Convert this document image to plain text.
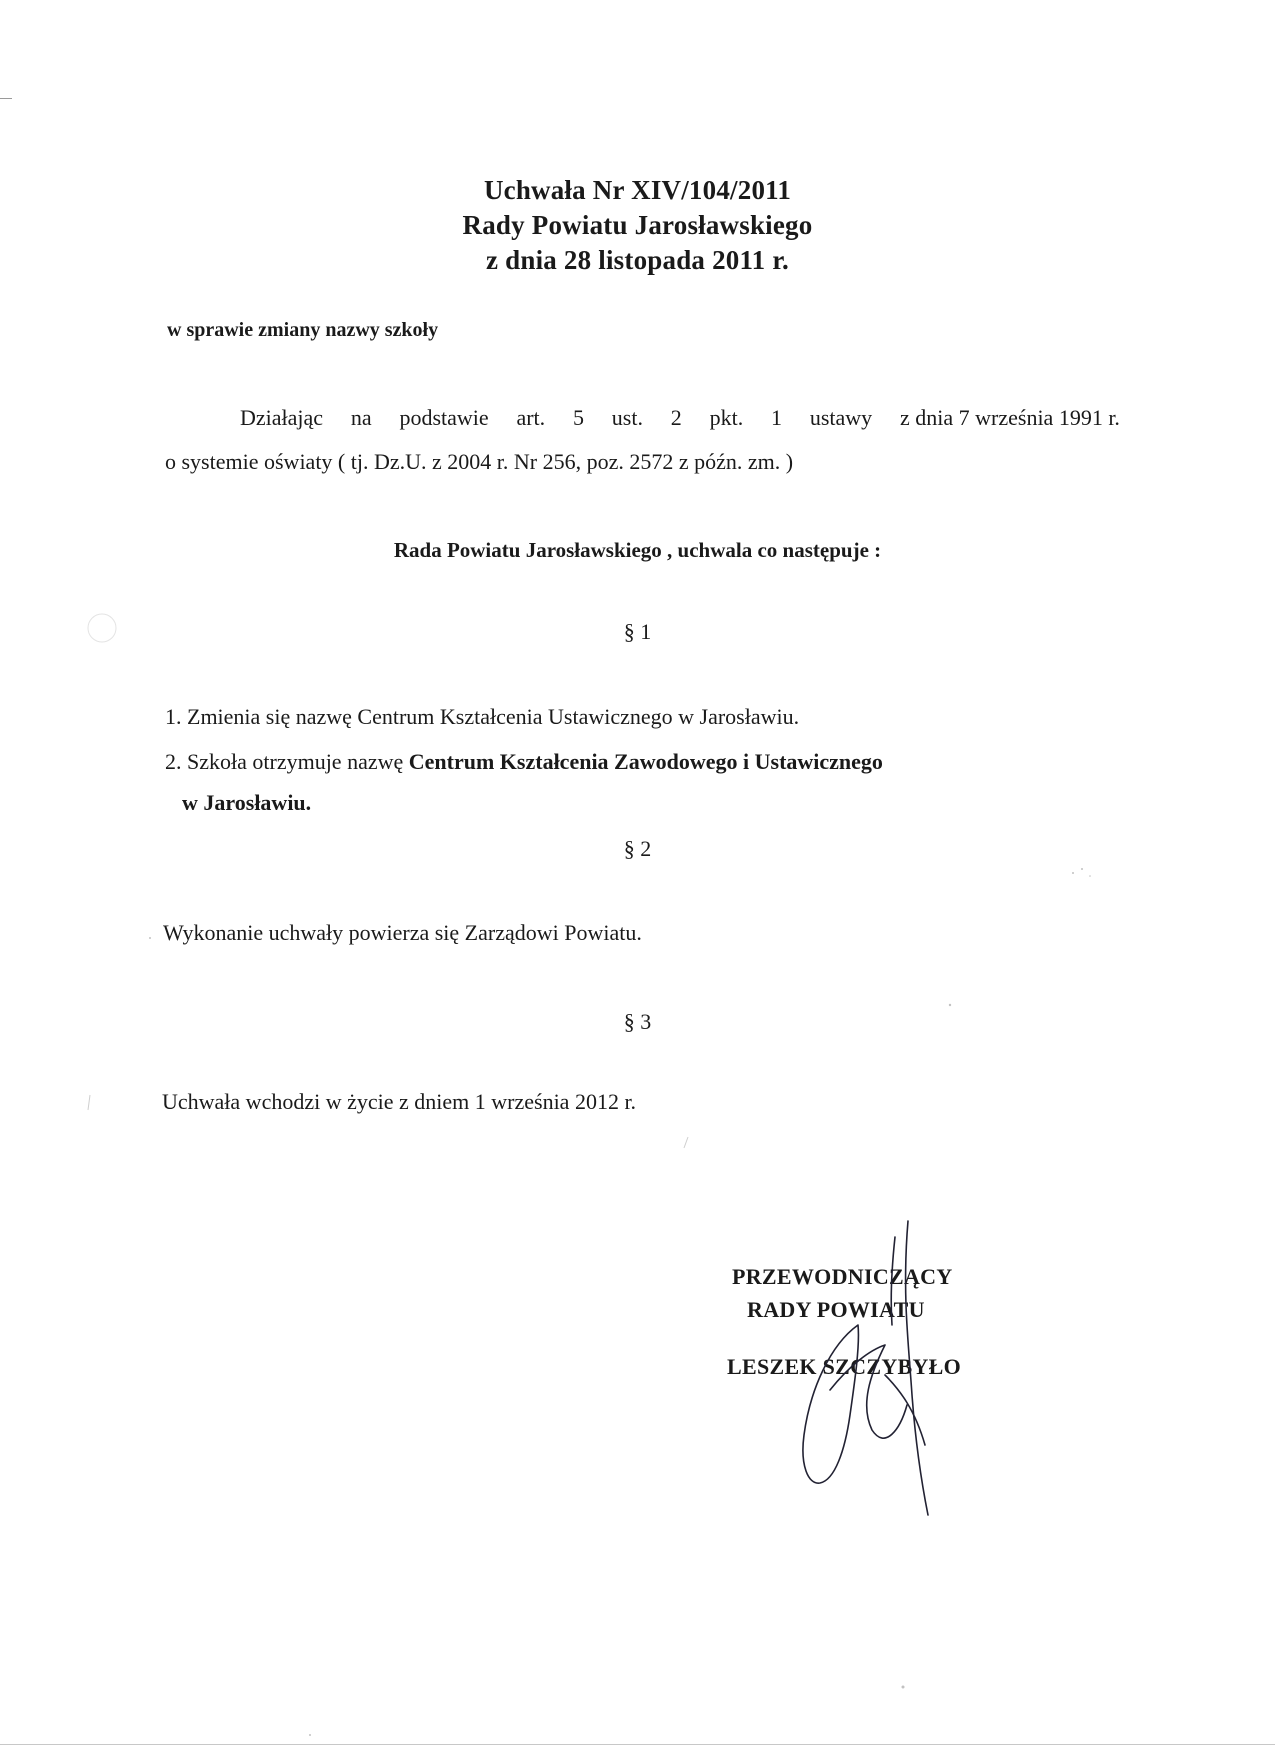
Uchwała Nr XIV/104/2011
Rady Powiatu Jarosławskiego
z dnia 28 listopada 2011 r.
w sprawie zmiany nazwy szkoły
Działając na podstawie art. 5 ust. 2 pkt. 1 ustawy z dnia 7 września 1991 r.
o systemie oświaty ( tj. Dz.U. z 2004 r. Nr 256, poz. 2572 z późn. zm. )
Rada Powiatu Jarosławskiego , uchwala co następuje :
§ 1
1. Zmienia się nazwę Centrum Kształcenia Ustawicznego w Jarosławiu.
2. Szkoła otrzymuje nazwę Centrum Kształcenia Zawodowego i Ustawicznego
w Jarosławiu.
§ 2
Wykonanie uchwały powierza się Zarządowi Powiatu.
§ 3
Uchwała wchodzi w życie z dniem 1 września 2012 r.
PRZEWODNICZĄCY
RADY POWIATU
LESZEK SZCZYBYŁO
